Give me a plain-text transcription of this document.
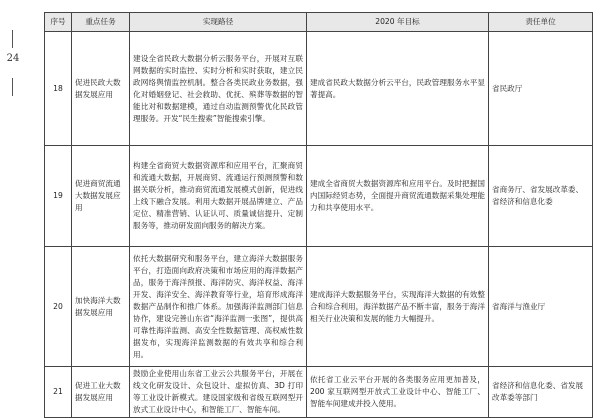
24
序号	重点任务	实现路径	2020 年目标	责任单位
18	促进民政大数据发展应用	建设全省民政大数据分析云服务平台，开展对互联网数据的实时监控、实时分析和实时获取，建立民政网络舆情监控机制。整合各类民政业务数据，强化对婚姻登记、社会救助、优抚、殡葬等数据的智能比对和数据建模，通过自动监测预警优化民政管理服务。开发“民生搜索”智能搜索引擎。	建成省民政大数据分析云平台，民政管理服务水平显著提高。	省民政厅
19	促进商贸流通大数据发展应用	构建全省商贸大数据资源库和应用平台，汇聚商贸和流通大数据，开展商贸、流通运行预测预警和数据关联分析，推动商贸流通发展模式创新，促进线上线下融合发展。利用大数据开展品牌建立、产品定位、精准营销、认证认可、质量诚信提升、定制服务等，推动研发面向服务的解决方案。	建成全省商贸大数据资源库和应用平台。及时把握国内国际经贸态势，全面提升商贸流通数据采集处理能力和共享使用水平。	省商务厅、省发展改革委、省经济和信息化委
20	加快海洋大数据发展应用	依托大数据研究和服务平台，建立海洋大数据服务平台，打造面向政府决策和市场应用的海洋数据产品，服务于海洋预报、海洋防灾、海洋权益、海洋开发、海洋安全、海洋教育等行业，培育形成海洋数据产品制作和推广体系。加强海洋监测部门信息协作，建设完善山东省“海洋监测一张图”，提供高可靠性海洋监测、高安全性数据管理、高权威性数据发布，实现海洋监测数据的有效共享和综合利用。	建成海洋大数据服务平台，实现海洋大数据的有效整合和综合利用，海洋数据产品不断丰富，服务于海洋相关行业决策和发展的能力大幅提升。	省海洋与渔业厅
21	促进工业大数据发展应用	鼓励企业使用山东省工业云公共服务平台，开展在线文化研发设计、众包设计、虚拟仿真、3D 打印等工业设计新模式。建设国家级和省级互联网型开放式工业设计中心，和智能工厂、智能车间。	依托省工业云平台开展的各类服务应用更加普及，200 家互联网型开放式工业设计中心、智能工厂、智能车间建成并投入使用。	省经济和信息化委、省发展改革委等部门
